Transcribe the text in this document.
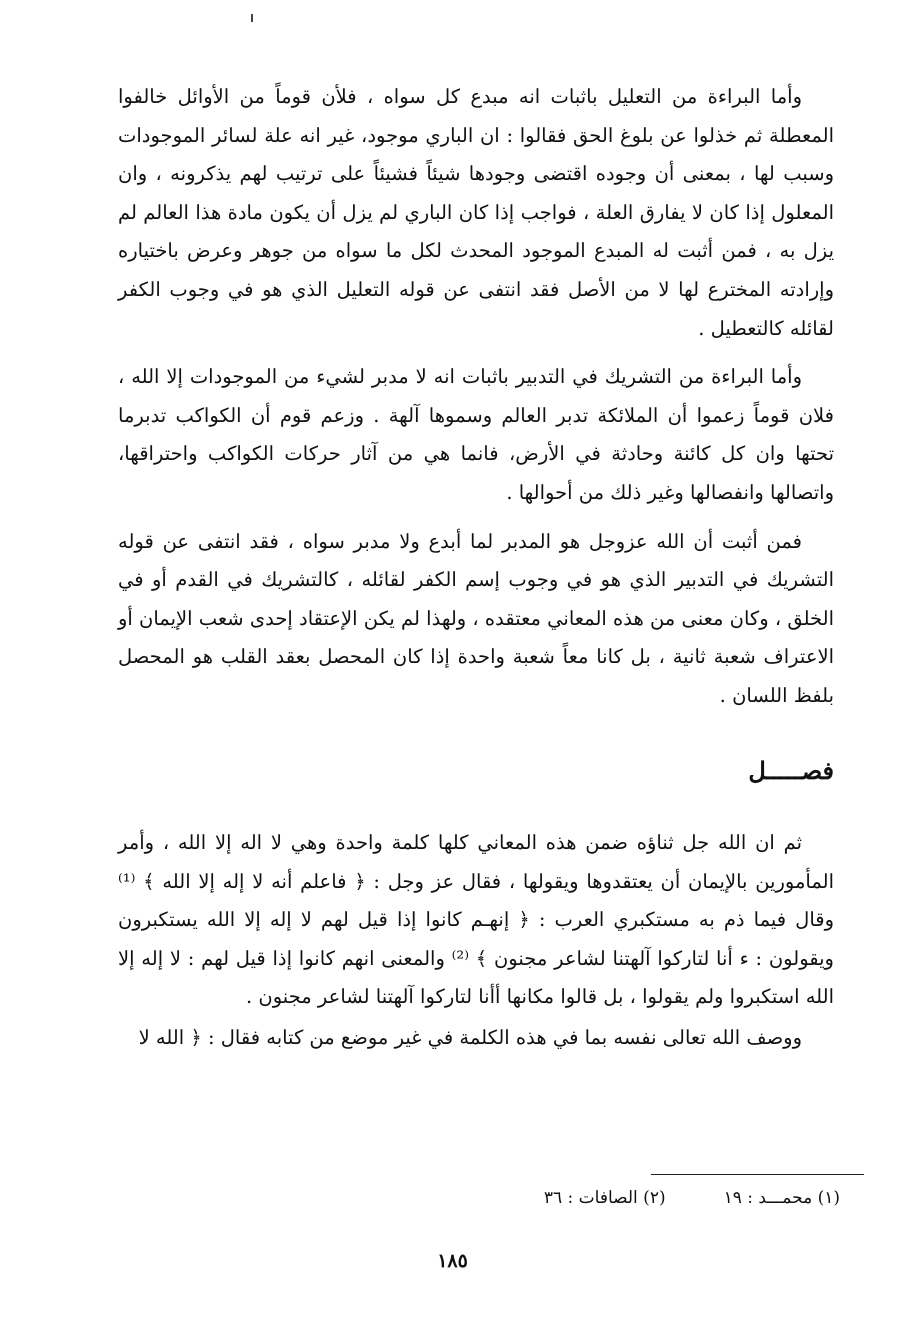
وأما البراءة من التعليل باثبات انه مبدع كل سواه ، فلأن قوماً من الأوائل خالفوا المعطلة ثم خذلوا عن بلوغ الحق فقالوا : ان الباري موجود، غير انه علة لسائر الموجودات وسبب لها ، بمعنى أن وجوده اقتضى وجودها شيئاً فشيئاً على ترتيب لهم يذكرونه ، وان المعلول إذا كان لا يفارق العلة ، فواجب إذا كان الباري لم يزل أن يكون مادة هذا العالم لم يزل به ، فمن أثبت له المبدع الموجود المحدث لكل ما سواه من جوهر وعرض باختياره وإرادته المخترع لها لا من الأصل فقد انتفى عن قوله التعليل الذي هو في وجوب الكفر لقائله كالتعطيل .

وأما البراءة من التشريك في التدبير باثبات انه لا مدبر لشيء من الموجودات إلا الله ، فلان قوماً زعموا أن الملائكة تدبر العالم وسموها آلهة . وزعم قوم أن الكواكب تدبرما تحتها وان كل كائنة وحادثة في الأرض، فانما هي من آثار حركات الكواكب واحتراقها، واتصالها وانفصالها وغير ذلك من أحوالها .

فمن أثبت أن الله عزوجل هو المدبر لما أبدع ولا مدبر سواه ، فقد انتفى عن قوله التشريك في التدبير الذي هو في وجوب إسم الكفر لقائله ، كالتشريك في القدم أو في الخلق ، وكان معنى من هذه المعاني معتقده ، ولهذا لم يكن الإعتقاد إحدى شعب الإيمان أو الاعتراف شعبة ثانية ، بل كانا معاً شعبة واحدة إذا كان المحصل بعقد القلب هو المحصل بلفظ اللسان .

فصـــــل

ثم ان الله جل ثناؤه ضمن هذه المعاني كلها كلمة واحدة وهي لا اله إلا الله ، وأمر المأمورين بالإيمان أن يعتقدوها ويقولها ، فقال عز وجل : ﴿ فاعلم أنه لا إله إلا الله ﴾ ⁽¹⁾ وقال فيما ذم به مستكبري العرب : ﴿ إنهـم كانوا إذا قيل لهم لا إله إلا الله يستكبرون ويقولون : ء أنا لتاركوا آلهتنا لشاعر مجنون ﴾ ⁽²⁾ والمعنى انهم كانوا إذا قيل لهم : لا إله إلا الله استكبروا ولم يقولوا ، بل قالوا مكانها أأنا لتاركوا آلهتنا لشاعر مجنون .

ووصف الله تعالى نفسه بما في هذه الكلمة في غير موضع من كتابه فقال : ﴿ الله لا

(١) محمـــد : ١٩
(٢) الصافات : ٣٦
١٨٥
